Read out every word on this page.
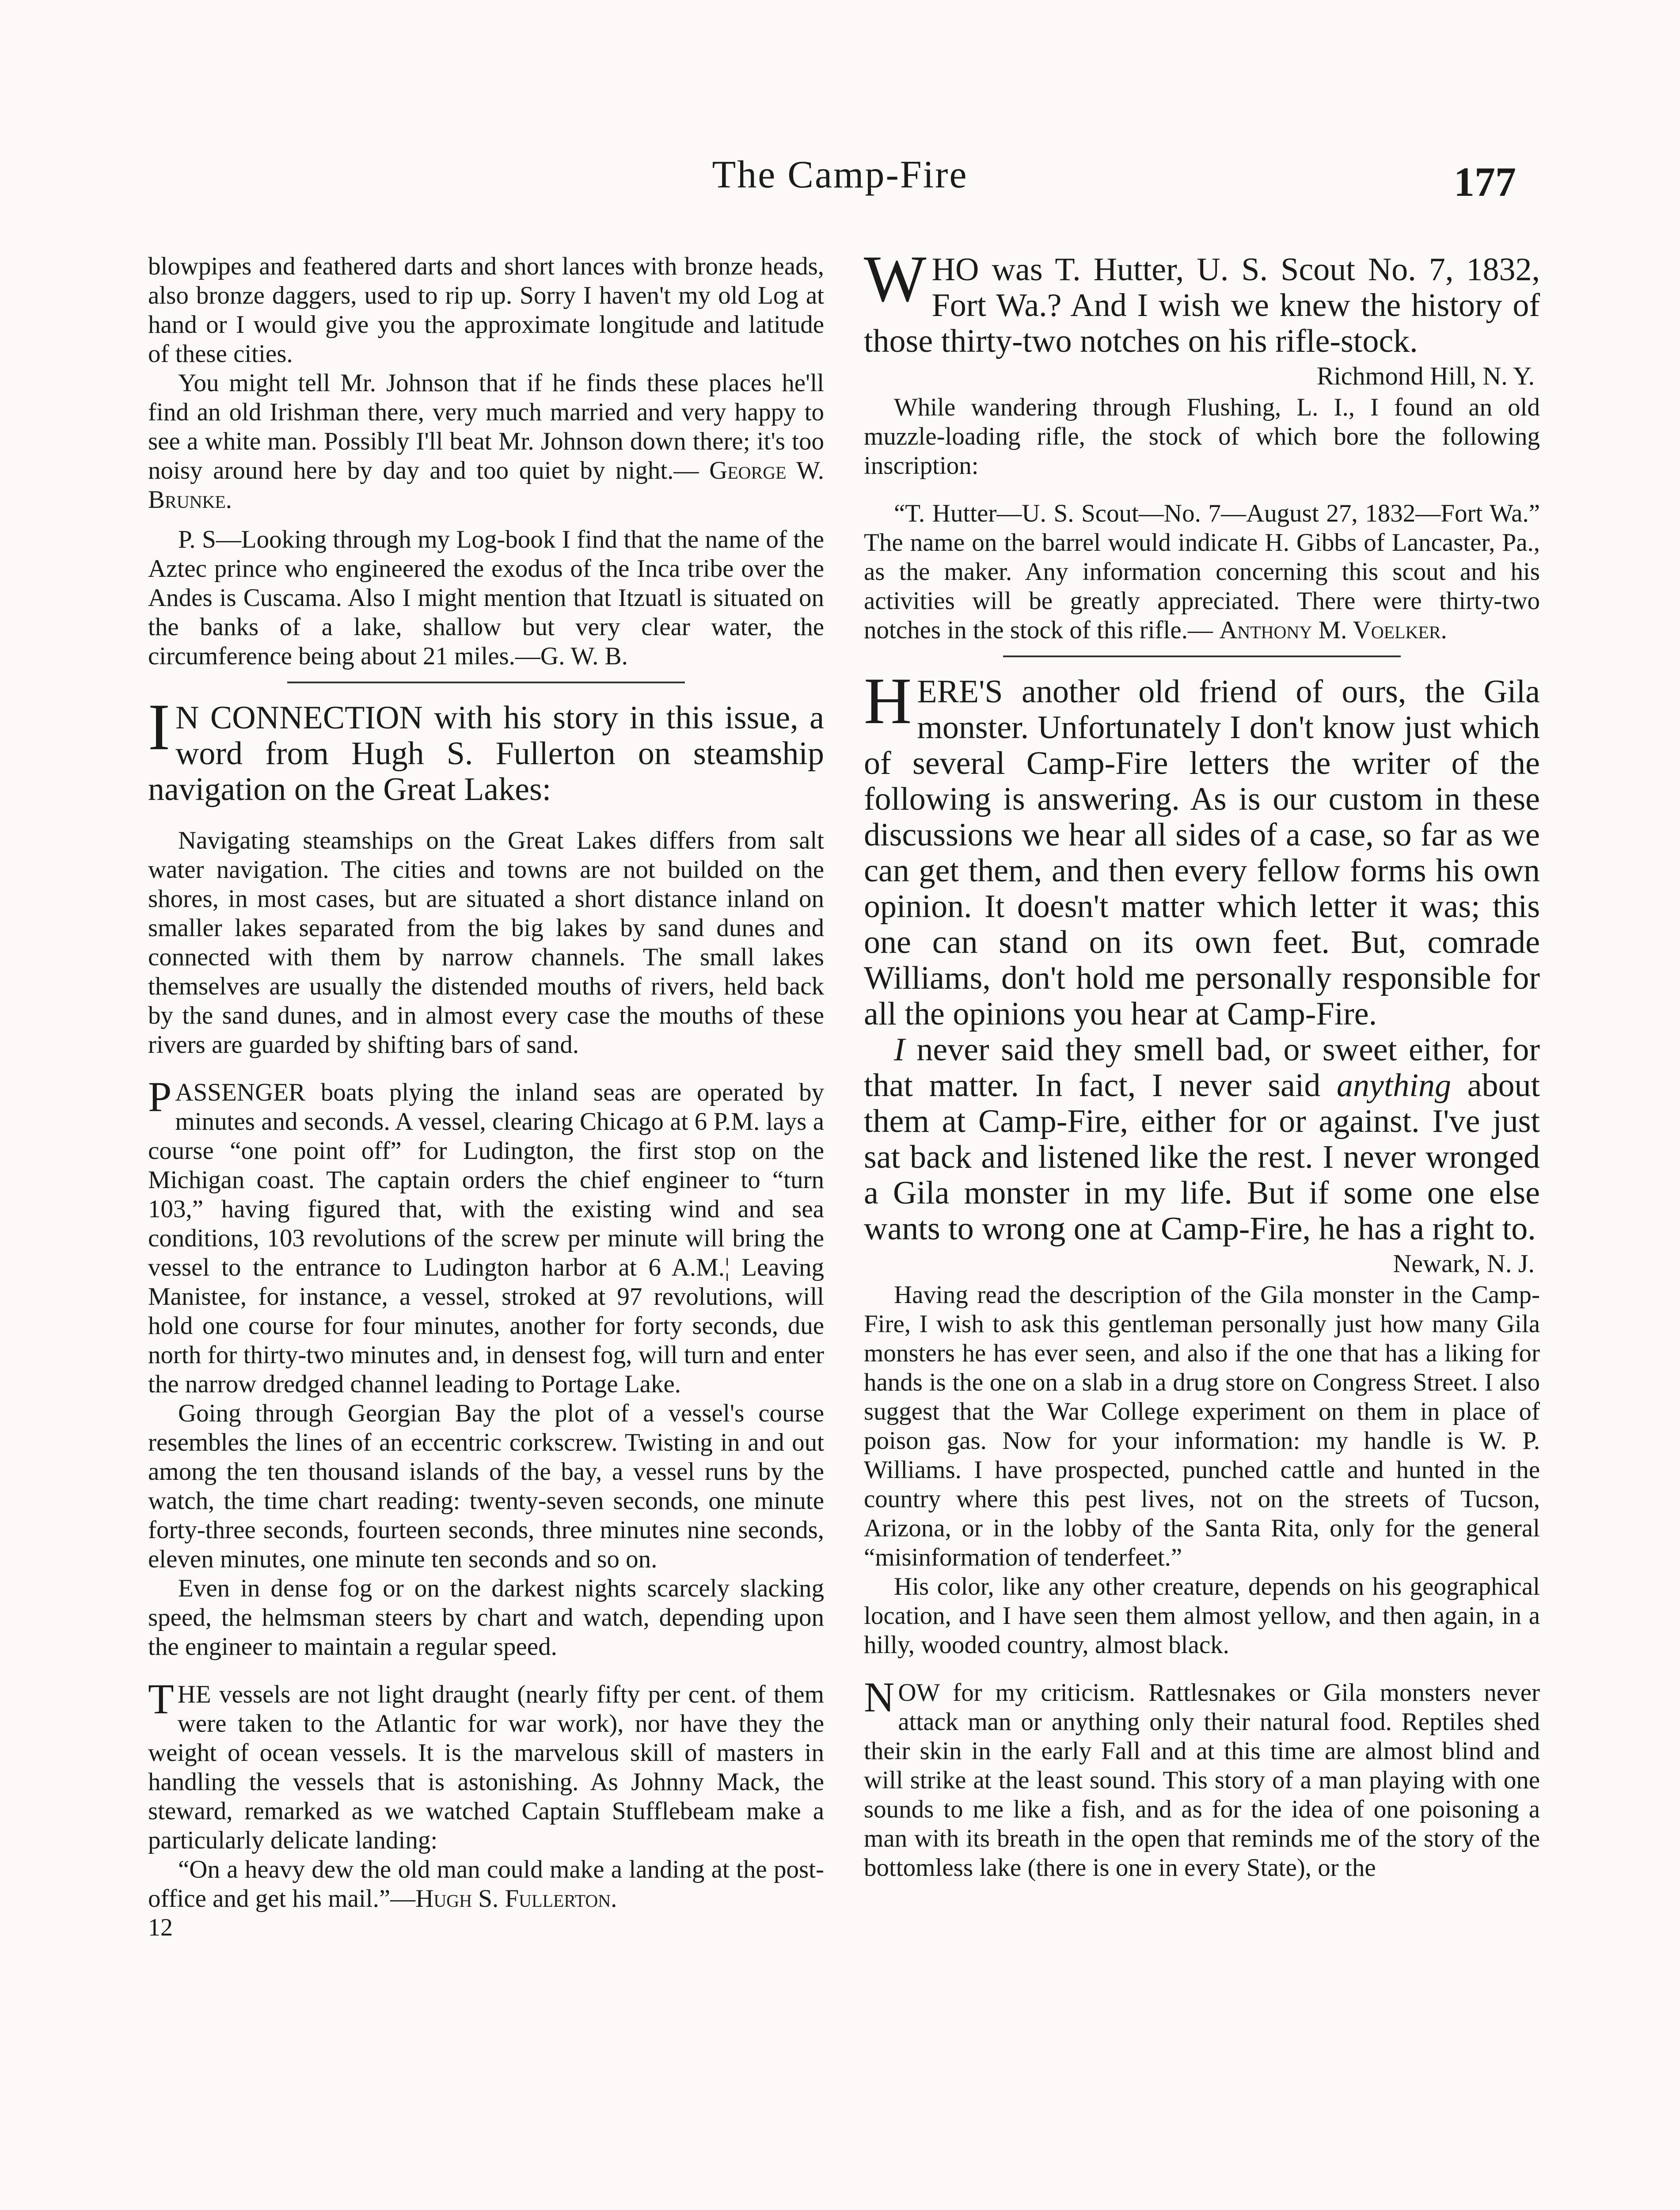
The Camp-Fire	177

blowpipes and feathered darts and short lances with bronze heads, also bronze daggers, used to rip up. Sorry I haven't my old Log at hand or I would give you the approximate longitude and latitude of these cities.

You might tell Mr. Johnson that if he finds these places he'll find an old Irishman there, very much married and very happy to see a white man. Possibly I'll beat Mr. Johnson down there; it's too noisy around here by day and too quiet by night.— George W. Brunke.

P. S—Looking through my Log-book I find that the name of the Aztec prince who engineered the exodus of the Inca tribe over the Andes is Cuscama. Also I might mention that Itzuatl is situated on the banks of a lake, shallow but very clear water, the circumference being about 21 miles.—G. W. B.

I N CONNECTION with his story in this issue, a word from Hugh S. Fullerton on steamship navigation on the Great Lakes:

Navigating steamships on the Great Lakes differs from salt water navigation. The cities and towns are not builded on the shores, in most cases, but are situated a short distance inland on smaller lakes separated from the big lakes by sand dunes and connected with them by narrow channels. The small lakes themselves are usually the distended mouths of rivers, held back by the sand dunes, and in almost every case the mouths of these rivers are guarded by shifting bars of sand.

PASSENGER boats plying the inland seas are operated by minutes and seconds. A vessel, clearing Chicago at 6 P.M. lays a course “one point off” for Ludington, the first stop on the Michigan coast. The captain orders the chief engineer to “turn 103,” having figured that, with the existing wind and sea conditions, 103 revolutions of the screw per minute will bring the vessel to the entrance to Ludington harbor at 6 A.M.¦ Leaving Manistee, for instance, a vessel, stroked at 97 revolutions, will hold one course for four minutes, another for forty seconds, due north for thirty-two minutes and, in densest fog, will turn and enter the narrow dredged channel leading to Portage Lake.

Going through Georgian Bay the plot of a vessel's course resembles the lines of an eccentric corkscrew. Twisting in and out among the ten thousand islands of the bay, a vessel runs by the watch, the time chart reading: twenty-seven seconds, one minute forty-three seconds, fourteen seconds, three minutes nine seconds, eleven minutes, one minute ten seconds and so on.

Even in dense fog or on the darkest nights scarcely slacking speed, the helmsman steers by chart and watch, depending upon the engineer to maintain a regular speed.

THE vessels are not light draught (nearly fifty per cent. of them were taken to the Atlantic for war work), nor have they the weight of ocean vessels. It is the marvelous skill of masters in handling the vessels that is astonishing. As Johnny Mack, the steward, remarked as we watched Captain Stufflebeam make a particularly delicate landing:

“On a heavy dew the old man could make a landing at the post-office and get his mail.”—Hugh S. Fullerton.

12

WHO was T. Hutter, U. S. Scout No. 7, 1832, Fort Wa.? And I wish we knew the history of those thirty-two notches on his rifle-stock.

Richmond Hill, N. Y.

While wandering through Flushing, L. I., I found an old muzzle-loading rifle, the stock of which bore the following inscription:

“T. Hutter—U. S. Scout—No. 7—August 27, 1832—Fort Wa.” The name on the barrel would indicate H. Gibbs of Lancaster, Pa., as the maker. Any information concerning this scout and his activities will be greatly appreciated. There were thirty-two notches in the stock of this rifle.— Anthony M. Voelker.

HERE'S another old friend of ours, the Gila monster. Unfortunately I don't know just which of several Camp-Fire letters the writer of the following is answering. As is our custom in these discussions we hear all sides of a case, so far as we can get them, and then every fellow forms his own opinion. It doesn't matter which letter it was; this one can stand on its own feet. But, comrade Williams, don't hold me personally responsible for all the opinions you hear at Camp-Fire.

I never said they smell bad, or sweet either, for that matter. In fact, I never said anything about them at Camp-Fire, either for or against. I've just sat back and listened like the rest. I never wronged a Gila monster in my life. But if some one else wants to wrong one at Camp-Fire, he has a right to.

Newark, N. J.

Having read the description of the Gila monster in the Camp-Fire, I wish to ask this gentleman personally just how many Gila monsters he has ever seen, and also if the one that has a liking for hands is the one on a slab in a drug store on Congress Street. I also suggest that the War College experiment on them in place of poison gas. Now for your information: my handle is W. P. Williams. I have prospected, punched cattle and hunted in the country where this pest lives, not on the streets of Tucson, Arizona, or in the lobby of the Santa Rita, only for the general “misinformation of tenderfeet.”

His color, like any other creature, depends on his geographical location, and I have seen them almost yellow, and then again, in a hilly, wooded country, almost black.

NOW for my criticism. Rattlesnakes or Gila monsters never attack man or anything only their natural food. Reptiles shed their skin in the early Fall and at this time are almost blind and will strike at the least sound. This story of a man playing with one sounds to me like a fish, and as for the idea of one poisoning a man with its breath in the open that reminds me of the story of the bottomless lake (there is one in every State), or the
